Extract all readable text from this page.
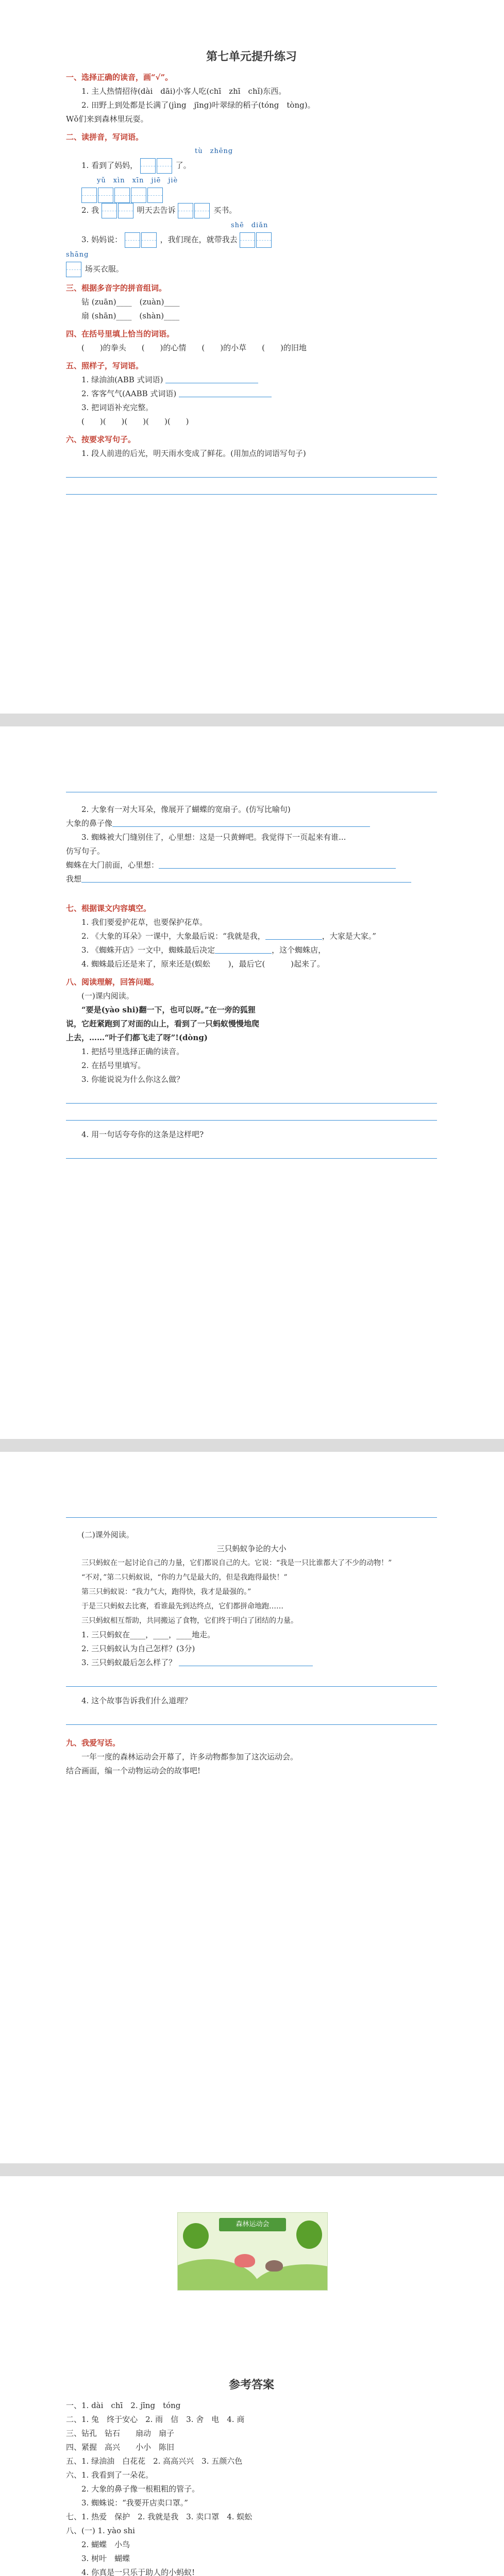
第七单元提升练习
一、选择正确的读音，画“√”。
1. 主人热情招待(dài　dāi)小客人吃(chī　zhī　chǐ)东西。
2. 田野上到处都是长满了(jìng　jīng)叶翠绿的稻子(tóng　tòng)。
Wǒ们来到森林里玩耍。
二、读拼音，写词语。
tù　zhēng
1. 看到了妈妈，	了。
yǔ　xìn　xīn　jiē　jiè
2. 我	明天去告诉	买书。
shē　diǎn
3. 妈妈说：	，我们现在，就带我去
shāng
场买衣服。
三、根据多音字的拼音组词。
钻 (zuān)____　(zuàn)____
扇 (shān)____　(shàn)____
四、在括号里填上恰当的词语。
(　　)的拳头　　(　　)的心情　　(　　)的小草　　(　　)的旧地
五、照样子，写词语。
1. 绿油油(ABB 式词语)
2. 客客气气(AABB 式词语)
3. 把词语补充完整。
(　　)(　　)(　　)(　　)(　　)
六、按要求写句子。
1. 段人前进的后光，明天雨水变成了鲜花。(用加点的词语写句子)
2. 大象有一对大耳朵，像展开了蝴蝶的宽扇子。(仿写比喻句)
大象的鼻子像
3. 蜘蛛被大门缝别住了，心里想：这是一只黄蝉吧。我觉得下一页起来有谁...
仿写句子。
蜘蛛在大门前面，心里想：
我想
七、根据课文内容填空。
1. 我们要爱护花草，也要保护花草。
2. 《大象的耳朵》一课中，大象最后说：“我就是我，	，大家是大家。”
3. 《蜘蛛开店》一文中，蜘蛛最后决定	，这个蜘蛛店，
4. 蜘蛛最后还是来了，原来还是(蜈蚣 　　)，最后它(　　　 )起来了。
八、阅读理解，回答问题。
(一)课内阅读。
“要是(yào shi)翻一下，也可以呀。”在一旁的狐狸
说，它赶紧跑到了对面的山上，看到了一只蚂蚁慢慢地爬
上去，……“叶子们都飞走了呀”!(dòng)
1. 把括号里选择正确的读音。
2. 在括号里填写。
3. 你能说说为什么你这么做？
4. 用一句话夸夸你的这条是这样吧?
(二)课外阅读。
三只蚂蚁争论的大小
三只蚂蚁在一起讨论自己的力量，它们都说自己的大。它说：“我是一只比谁都大了不少的动物！”
“不对，”第二只蚂蚁说，“你的力气是最大的，但是我跑得最快！”
第三只蚂蚁说：“我力气大，跑得快，我才是最强的。”
于是三只蚂蚁去比赛，看谁最先到达终点，它们都拼命地跑……
三只蚂蚁相互帮助，共同搬运了食物，它们终于明白了团结的力量。
1. 三只蚂蚁在____，____，____地走。
2. 三只蚂蚁认为自己怎样？(3分)
3. 三只蚂蚁最后怎么样了？
4. 这个故事告诉我们什么道理？
九、我爱写话。
一年一度的森林运动会开幕了，许多动物都参加了这次运动会。
结合画面，编一个动物运动会的故事吧!
森林运动会
参考答案
一、1. dài　chī　2. jīng　tóng
二、1. 兔　终于安心　2. 雨　信　3. 舍　电　4. 商
三、钻孔　钻石　　扇动　扇子
四、紧握　高兴　　小小　陈旧
五、1. 绿油油　白花花　2. 高高兴兴　3. 五颜六色
六、1. 我看到了一朵花。
2. 大象的鼻子像一根粗粗的管子。
3. 蜘蛛说：“我要开店卖口罩。”
七、1. 热爱　保护　2. 我就是我　3. 卖口罩　4. 蜈蚣
八、(一) 1. yào shi
2. 蝴蝶　小鸟
3. 树叶　蝴蝶
4. 你真是一只乐于助人的小蚂蚁!
